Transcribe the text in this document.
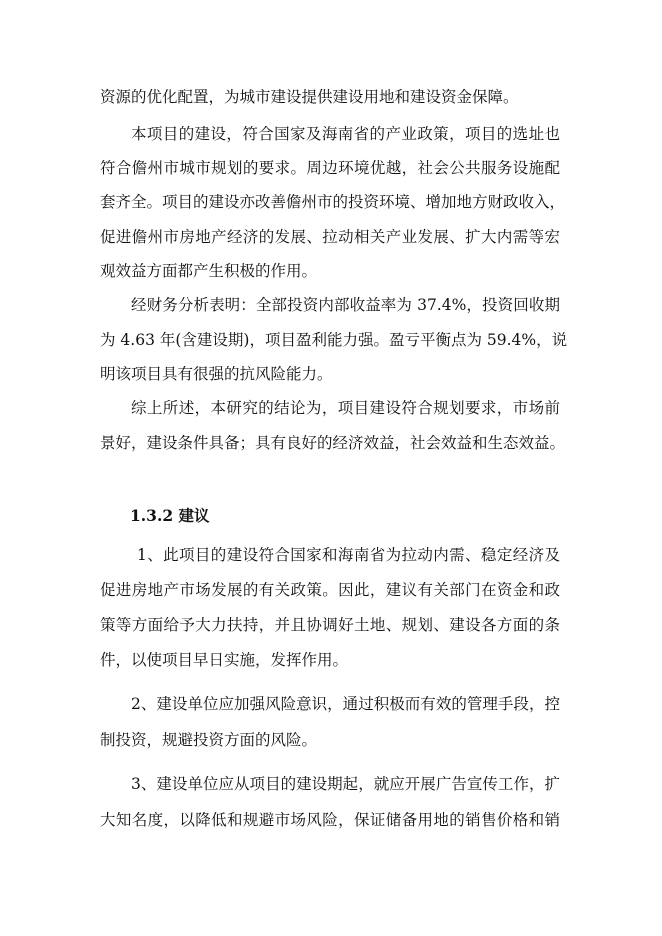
资源的优化配置，为城市建设提供建设用地和建设资金保障。
本项目的建设，符合国家及海南省的产业政策，项目的选址也
符合儋州市城市规划的要求。周边环境优越，社会公共服务设施配
套齐全。项目的建设亦改善儋州市的投资环境、增加地方财政收入，
促进儋州市房地产经济的发展、拉动相关产业发展、扩大内需等宏
观效益方面都产生积极的作用。
经财务分析表明：全部投资内部收益率为 37.4%，投资回收期
为 4.63 年(含建设期)，项目盈利能力强。盈亏平衡点为 59.4%，说
明该项目具有很强的抗风险能力。
综上所述，本研究的结论为，项目建设符合规划要求，市场前
景好，建设条件具备；具有良好的经济效益，社会效益和生态效益。
1.3.2 建议
1、此项目的建设符合国家和海南省为拉动内需、稳定经济及
促进房地产市场发展的有关政策。因此，建议有关部门在资金和政
策等方面给予大力扶持，并且协调好土地、规划、建设各方面的条
件，以使项目早日实施，发挥作用。
2、建设单位应加强风险意识，通过积极而有效的管理手段，控
制投资，规避投资方面的风险。
3、建设单位应从项目的建设期起，就应开展广告宣传工作，扩
大知名度，以降低和规避市场风险，保证储备用地的销售价格和销
